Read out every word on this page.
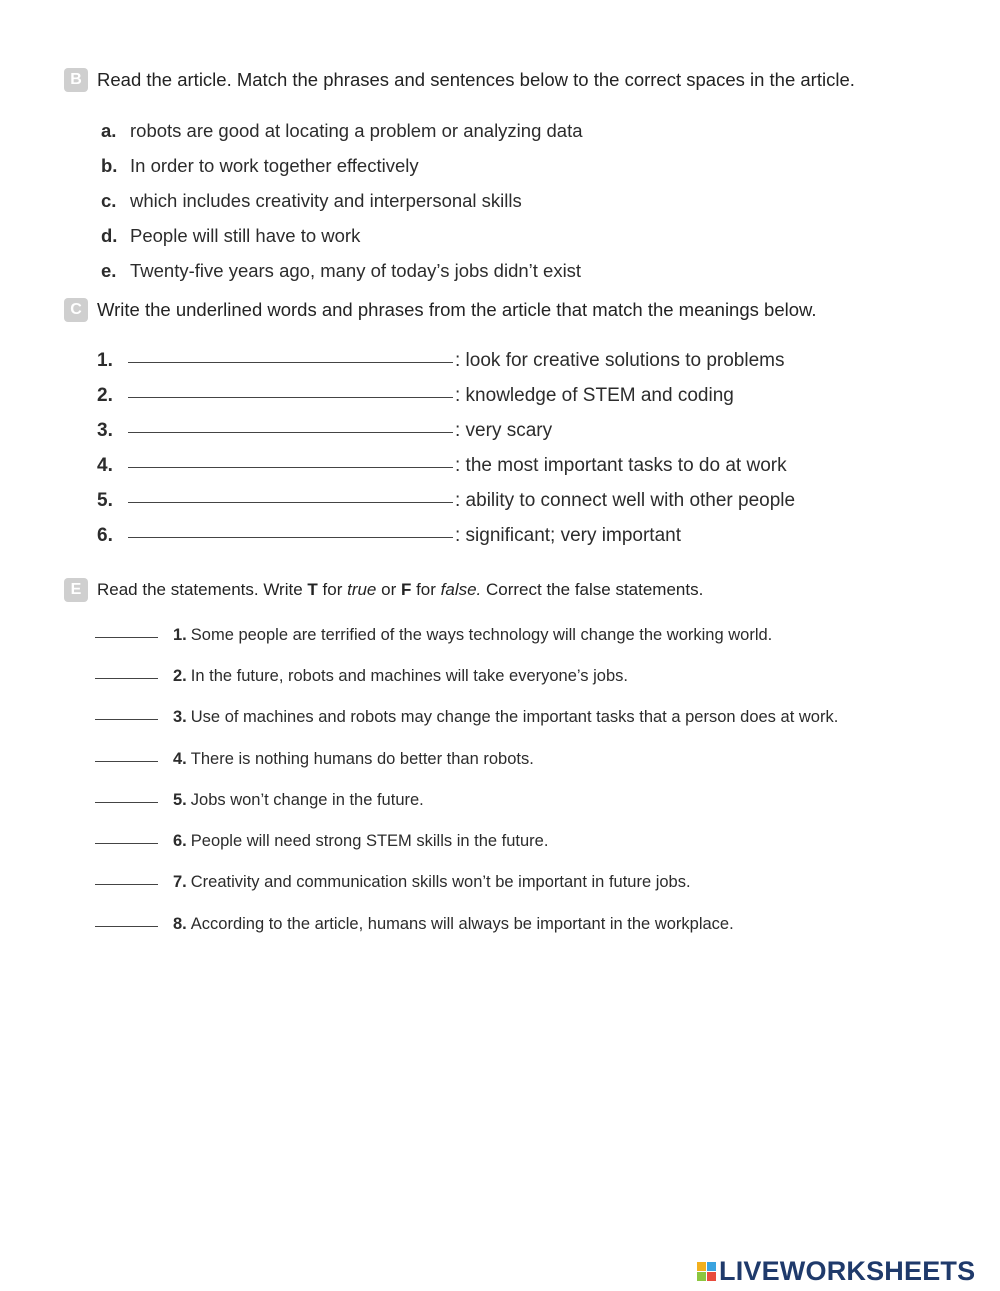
B Read the article. Match the phrases and sentences below to the correct spaces in the article.
a. robots are good at locating a problem or analyzing data
b. In order to work together effectively
c. which includes creativity and interpersonal skills
d. People will still have to work
e. Twenty-five years ago, many of today’s jobs didn’t exist
C Write the underlined words and phrases from the article that match the meanings below.
1.	: look for creative solutions to problems
2.	: knowledge of STEM and coding
3.	: very scary
4.	: the most important tasks to do at work
5.	: ability to connect well with other people
6.	: significant; very important
E Read the statements. Write T for true or F for false. Correct the false statements.
1. Some people are terrified of the ways technology will change the working world.
2. In the future, robots and machines will take everyone’s jobs.
3. Use of machines and robots may change the important tasks that a person does at work.
4. There is nothing humans do better than robots.
5. Jobs won’t change in the future.
6. People will need strong STEM skills in the future.
7. Creativity and communication skills won’t be important in future jobs.
8. According to the article, humans will always be important in the workplace.
LIVEWORKSHEETS
